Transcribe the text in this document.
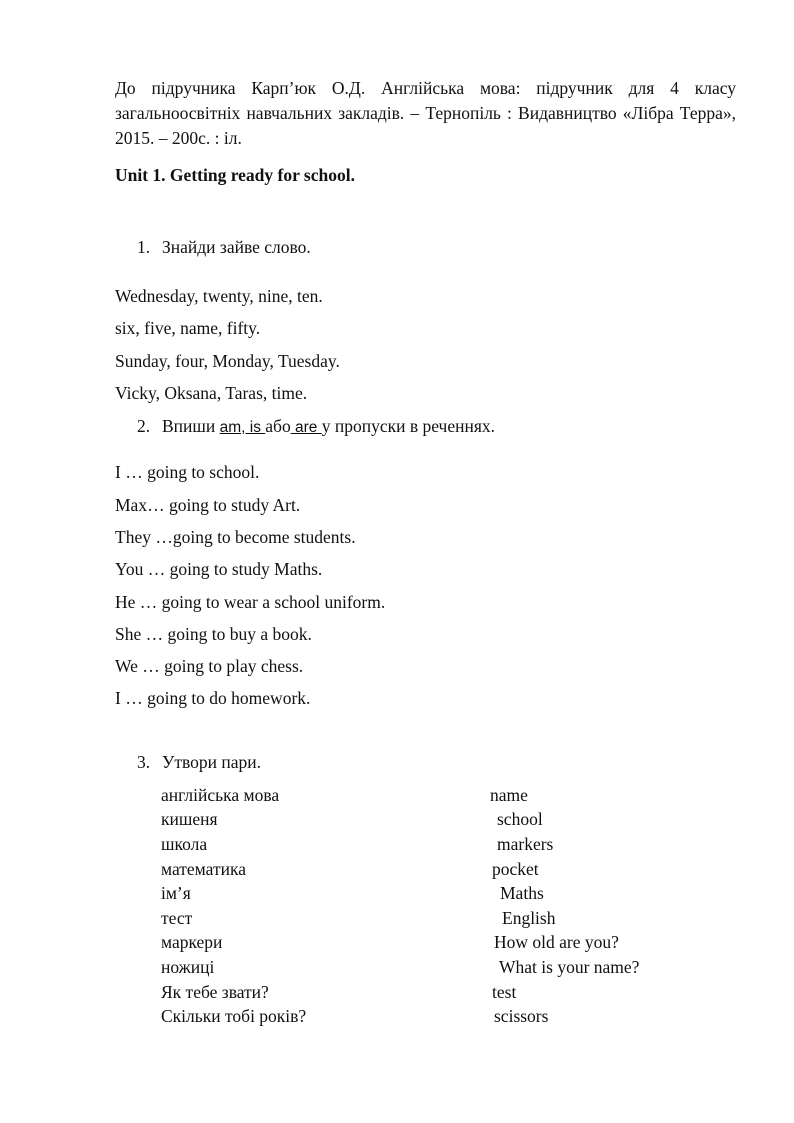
До підручника Карп’юк О.Д. Англійська мова: підручник для 4 класу загальноосвітніх навчальних закладів. – Тернопіль : Видавництво «Лібра Терра», 2015. – 200с. : іл.
Unit 1. Getting ready for school.
1. Знайди зайве слово.
Wednesday, twenty, nine, ten.
six, five, name, fifty.
Sunday, four, Monday, Tuesday.
Vicky, Oksana, Taras, time.
2. Впиши am, is або are у пропуски в реченнях.
I … going to school.
Max… going to study Art.
They …going to become students.
You … going to study Maths.
He … going to wear a school uniform.
She … going to buy a book.
We … going to play chess.
I … going to do homework.
3. Утвори пари.
англійська мова
кишеня
школа
математика
ім’я
тест
маркери
ножиці
Як тебе звати?
Скільки тобі років?
name
school
markers
pocket
Maths
English
How old are you?
What is your name?
test
scissors
